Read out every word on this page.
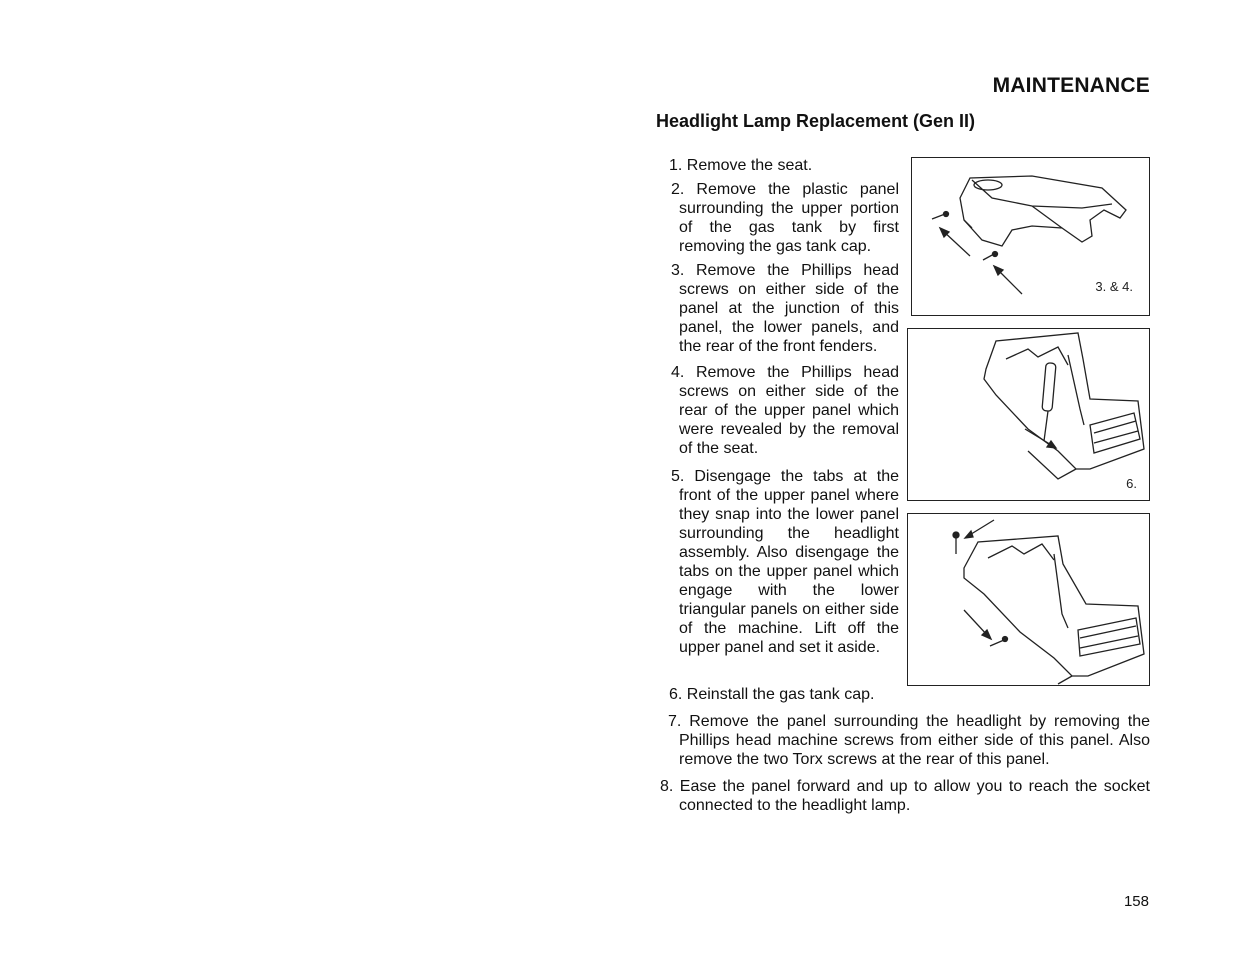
MAINTENANCE
Headlight Lamp Replacement (Gen II)
1. Remove the seat.
2. Remove the plastic panel surrounding the upper portion of the gas tank by first removing the gas tank cap.
3. Remove the Phillips head screws on either side of the panel at the junction of this panel, the lower panels, and the rear of the front fenders.
4. Remove the Phillips head screws on either side of the rear of the upper panel which were revealed by the removal of the seat.
5. Disengage the tabs at the front of the upper panel where they snap into the lower panel surrounding the headlight assembly. Also disengage the tabs on the upper panel which engage with the lower triangular panels on either side of the machine. Lift off the upper panel and set it aside.
6. Reinstall the gas tank cap.
7. Remove the panel surrounding the headlight by removing the Phillips head machine screws from either side of this panel. Also remove the two Torx screws at the rear of this panel.
8. Ease the panel forward and up to allow you to reach the socket connected to the headlight lamp.
3. & 4.
6.
158
